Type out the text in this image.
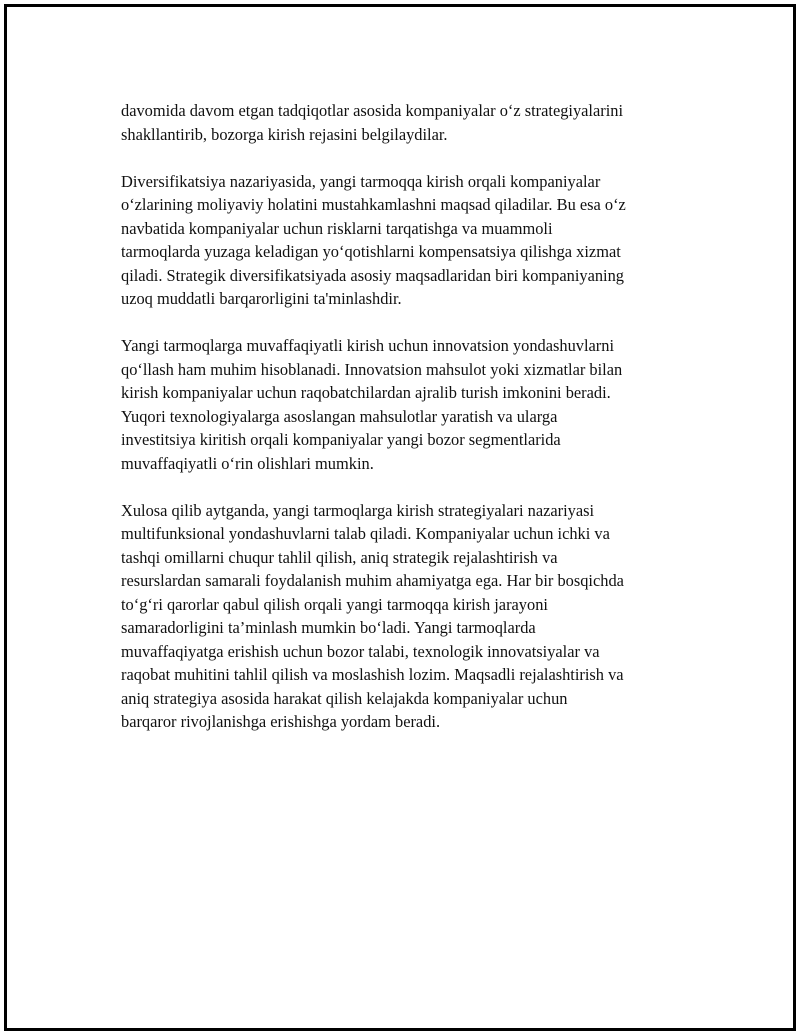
davomida davom etgan tadqiqotlar asosida kompaniyalar o‘z strategiyalarini
shakllantirib, bozorga kirish rejasini belgilaydilar.

Diversifikatsiya nazariyasida, yangi tarmoqqa kirish orqali kompaniyalar
o‘zlarining moliyaviy holatini mustahkamlashni maqsad qiladilar. Bu esa o‘z
navbatida kompaniyalar uchun risklarni tarqatishga va muammoli
tarmoqlarda yuzaga keladigan yo‘qotishlarni kompensatsiya qilishga xizmat
qiladi. Strategik diversifikatsiyada asosiy maqsadlaridan biri kompaniyaning
uzoq muddatli barqarorligini ta'minlashdir.

Yangi tarmoqlarga muvaffaqiyatli kirish uchun innovatsion yondashuvlarni
qo‘llash ham muhim hisoblanadi. Innovatsion mahsulot yoki xizmatlar bilan
kirish kompaniyalar uchun raqobatchilardan ajralib turish imkonini beradi.
Yuqori texnologiyalarga asoslangan mahsulotlar yaratish va ularga
investitsiya kiritish orqali kompaniyalar yangi bozor segmentlarida
muvaffaqiyatli o‘rin olishlari mumkin.

Xulosa qilib aytganda, yangi tarmoqlarga kirish strategiyalari nazariyasi
multifunksional yondashuvlarni talab qiladi. Kompaniyalar uchun ichki va
tashqi omillarni chuqur tahlil qilish, aniq strategik rejalashtirish va
resurslardan samarali foydalanish muhim ahamiyatga ega. Har bir bosqichda
to‘g‘ri qarorlar qabul qilish orqali yangi tarmoqqa kirish jarayoni
samaradorligini ta’minlash mumkin bo‘ladi. Yangi tarmoqlarda
muvaffaqiyatga erishish uchun bozor talabi, texnologik innovatsiyalar va
raqobat muhitini tahlil qilish va moslashish lozim. Maqsadli rejalashtirish va
aniq strategiya asosida harakat qilish kelajakda kompaniyalar uchun
barqaror rivojlanishga erishishga yordam beradi.
